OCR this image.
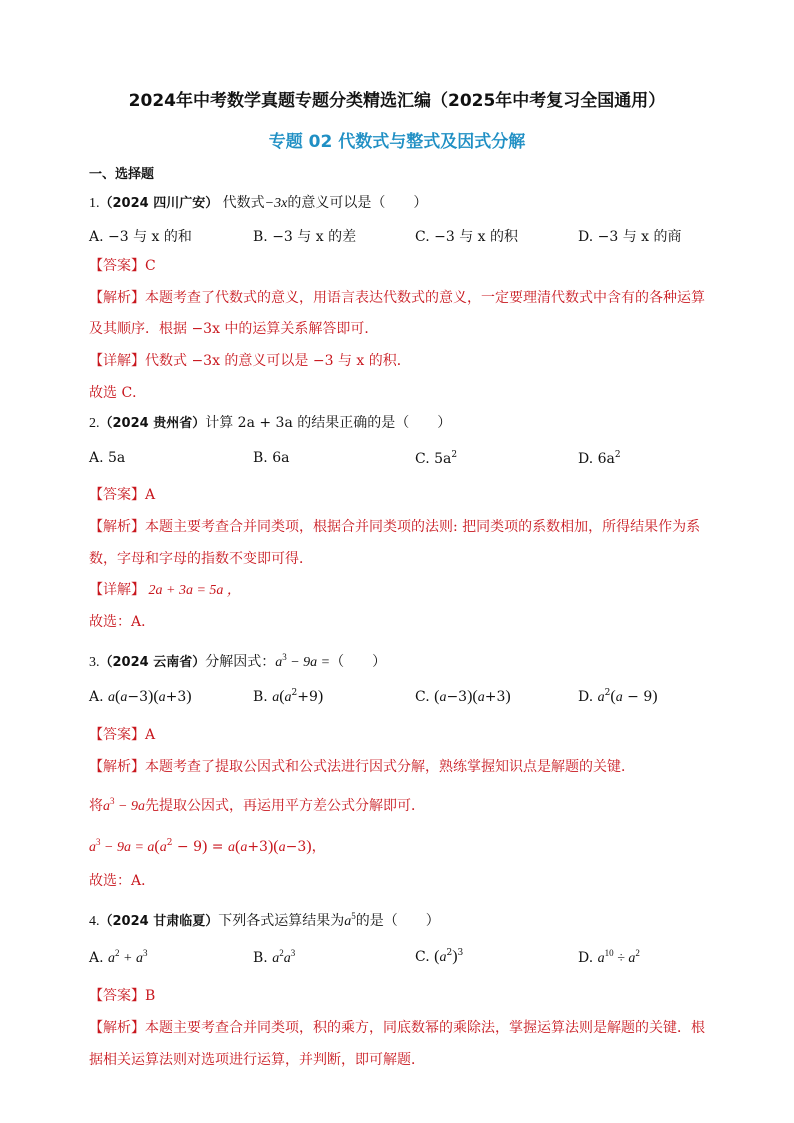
2024年中考数学真题专题分类精选汇编（2025年中考复习全国通用）
专题 02 代数式与整式及因式分解
一、选择题
1.（2024 四川广安） 代数式−3x的意义可以是（　　）
A. −3 与 x 的和	B. −3 与 x 的差	C. −3 与 x 的积	D. −3 与 x 的商
【答案】C
【解析】本题考查了代数式的意义，用语言表达代数式的意义，一定要理清代数式中含有的各种运算
及其顺序．根据 −3x 中的运算关系解答即可．
【详解】代数式 −3x 的意义可以是 −3 与 x 的积．
故选 C．
2.（2024 贵州省）计算 2a + 3a 的结果正确的是（　　）
A. 5a	B. 6a	C. $5a^2$	D. $6a^2$
【答案】A
【解析】本题主要考查合并同类项，根据合并同类项的法则: 把同类项的系数相加，所得结果作为系
数，字母和字母的指数不变即可得．
【详解】 2a + 3a = 5a ，
故选：A．
3.（2024 云南省）分解因式：$a^3 - 9a$ =（　　）
A. a(a−3)(a+3)	B. $a(a^2+9)$	C. (a−3)(a+3)	D. $a^2(a - 9)$
【答案】A
【解析】本题考查了提取公因式和公式法进行因式分解，熟练掌握知识点是解题的关键．
将$a^3 - 9a$先提取公因式，再运用平方差公式分解即可．
$a^3 - 9a = a(a^2 - 9) = a(a+3)(a-3)$，
故选：A．
4.（2024 甘肃临夏）下列各式运算结果为$a^5$的是（　　）
A. $a^2 + a^3$	B. $a^2a^3$	C. $(a^2)^3$	D. $a^{10} \div a^2$
【答案】B
【解析】本题主要考查合并同类项，积的乘方，同底数幂的乘除法，掌握运算法则是解题的关键．根
据相关运算法则对选项进行运算，并判断，即可解题．
